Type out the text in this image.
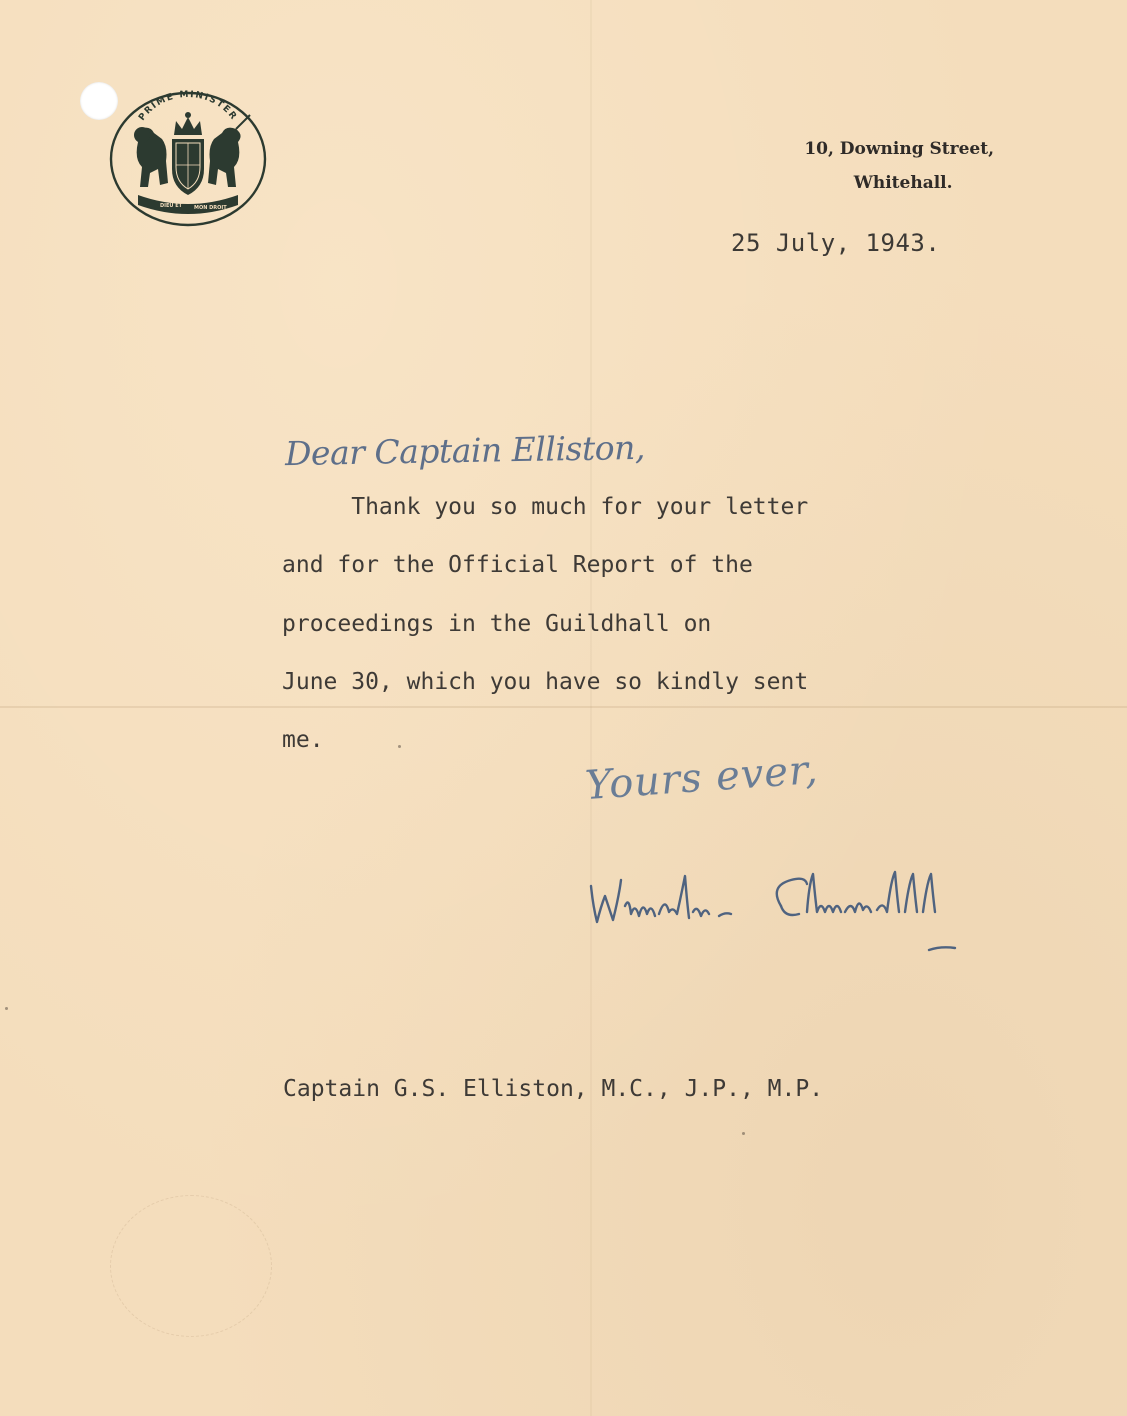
PRIME MINISTER
DIEU ET MON DROIT
10, Downing Street,
Whitehall.
25 July, 1943.
Dear Captain Elliston,
Thank you so much for your letter
and for the Official Report of the
proceedings in the Guildhall on
June 30, which you have so kindly sent
me.
Yours ever,
Captain G.S. Elliston, M.C., J.P., M.P.
